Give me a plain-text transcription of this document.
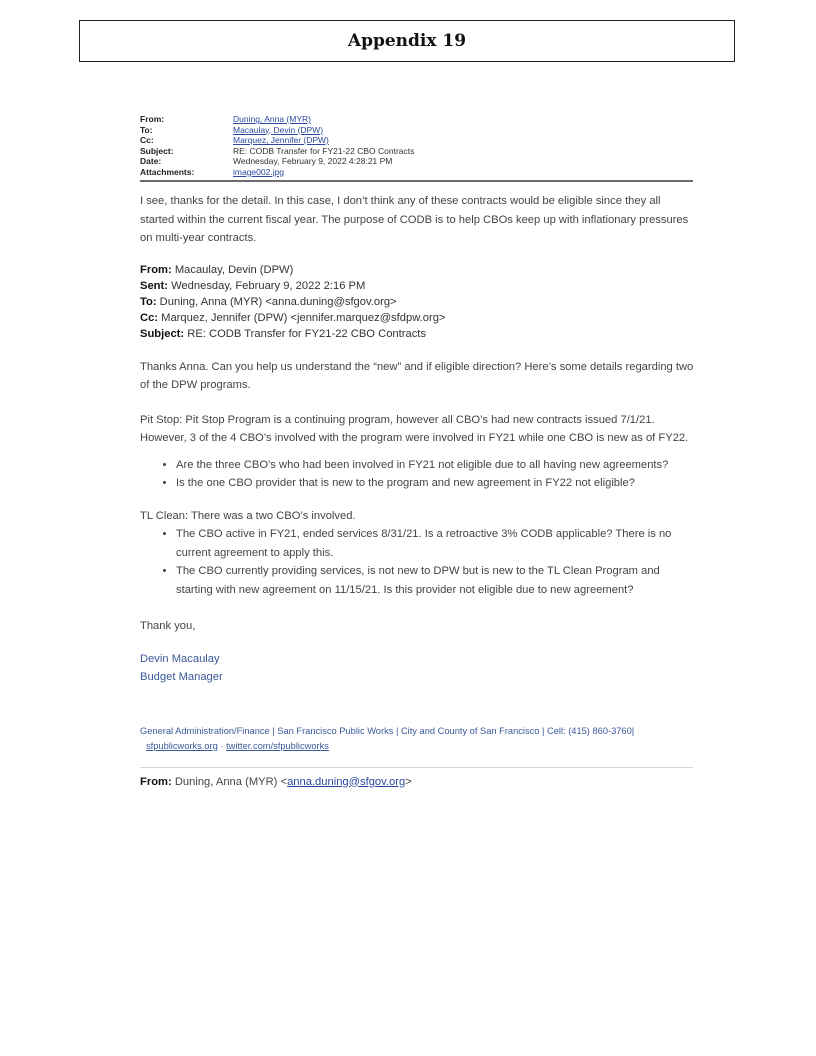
Appendix 19
From:	Duning, Anna (MYR)
To:	Macaulay, Devin (DPW)
Cc:	Marquez, Jennifer (DPW)
Subject:	RE: CODB Transfer for FY21-22 CBO Contracts
Date:	Wednesday, February 9, 2022 4:28:21 PM
Attachments:	image002.jpg
I see, thanks for the detail. In this case, I don’t think any of these contracts would be eligible since they all started within the current fiscal year. The purpose of CODB is to help CBOs keep up with inflationary pressures on multi-year contracts.
From: Macaulay, Devin (DPW)
Sent: Wednesday, February 9, 2022 2:16 PM
To: Duning, Anna (MYR) <anna.duning@sfgov.org>
Cc: Marquez, Jennifer (DPW) <jennifer.marquez@sfdpw.org>
Subject: RE: CODB Transfer for FY21-22 CBO Contracts
Thanks Anna. Can you help us understand the “new” and if eligible direction? Here’s some details regarding two of the DPW programs.
Pit Stop: Pit Stop Program is a continuing program, however all CBO’s had new contracts issued 7/1/21. However, 3 of the 4 CBO’s involved with the program were involved in FY21 while one CBO is new as of FY22.
• Are the three CBO’s who had been involved in FY21 not eligible due to all having new agreements?
• Is the one CBO provider that is new to the program and new agreement in FY22 not eligible?
TL Clean: There was a two CBO’s involved.
• The CBO active in FY21, ended services 8/31/21. Is a retroactive 3% CODB applicable? There is no current agreement to apply this.
• The CBO currently providing services, is not new to DPW but is new to the TL Clean Program and starting with new agreement on 11/15/21. Is this provider not eligible due to new agreement?
Thank you,
Devin Macaulay
Budget Manager
General Administration/Finance | San Francisco Public Works | City and County of San Francisco | Cell: (415) 860-3760|
sfpublicworks.org · twitter.com/sfpublicworks
From: Duning, Anna (MYR) <anna.duning@sfgov.org>
